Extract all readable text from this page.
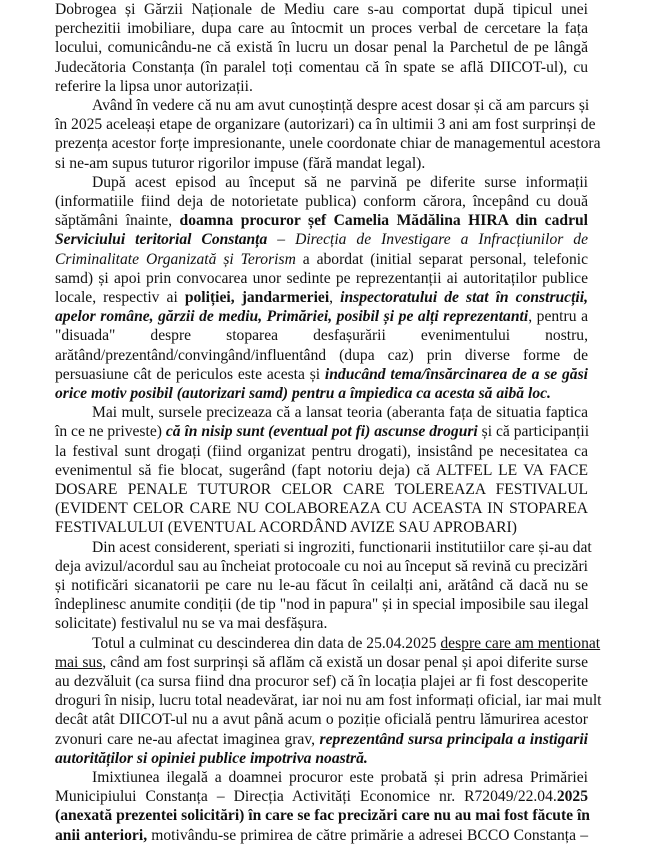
Dobrogea și Gărzii Naționale de Mediu care s-au comportat după tipicul unei
perchezitii imobiliare, dupa care au întocmit un proces verbal de cercetare la fața
locului, comunicându-ne că există în lucru un dosar penal la Parchetul de pe lângă
Judecătoria Constanța (în paralel toți comentau că în spate se află DIICOT-ul), cu
referire la lipsa unor autorizații.
Având în vedere că nu am avut cunoștință despre acest dosar și că am parcurs și
în 2025 aceleași etape de organizare (autorizari) ca în ultimii 3 ani am fost surprinși de
prezența acestor forțe impresionante, unele coordonate chiar de managementul acestora
si ne-am supus tuturor rigorilor impuse (fără mandat legal).
După acest episod au început să ne parvină pe diferite surse informații
(informatiile fiind deja de notorietate publica) conform cărora, începând cu două
săptămâni înainte, doamna procuror șef Camelia Mădălina HIRA din cadrul
Serviciului teritorial Constanța – Direcția de Investigare a Infracțiunilor de
Criminalitate Organizată și Terorism a abordat (initial separat personal, telefonic
samd) și apoi prin convocarea unor sedinte pe reprezentanții ai autoritaților publice
locale, respectiv ai poliției, jandarmeriei, inspectoratului de stat în construcții,
apelor române, gărzii de mediu, Primăriei, posibil și pe alți reprezentanti, pentru a
"disuada" despre stoparea desfașurării evenimentului nostru,
arătând/prezentând/convingând/influentând (dupa caz) prin diverse forme de
persuasiune cât de periculos este acesta și inducând tema/însărcinarea de a se găsi
orice motiv posibil (autorizari samd) pentru a împiedica ca acesta să aibă loc.
Mai mult, sursele precizeaza că a lansat teoria (aberanta fața de situatia faptica
în ce ne priveste) că în nisip sunt (eventual pot fi) ascunse droguri și că participanții
la festival sunt drogați (fiind organizat pentru drogati), insistând pe necesitatea ca
evenimentul să fie blocat, sugerând (fapt notoriu deja) că ALTFEL LE VA FACE
DOSARE PENALE TUTUROR CELOR CARE TOLEREAZA FESTIVALUL
(EVIDENT CELOR CARE NU COLABOREAZA CU ACEASTA IN STOPAREA
FESTIVALULUI (EVENTUAL ACORDÂND AVIZE SAU APROBARI)
Din acest considerent, speriati si ingroziti, functionarii institutiilor care și-au dat
deja avizul/acordul sau au încheiat protocoale cu noi au început să revină cu precizări
și notificări sicanatorii pe care nu le-au făcut în ceilalți ani, arătând că dacă nu se
îndeplinesc anumite condiții (de tip "nod in papura" și in special imposibile sau ilegal
solicitate) festivalul nu se va mai desfășura.
Totul a culminat cu descinderea din data de 25.04.2025 despre care am mentionat
mai sus, când am fost surprinși să aflăm că există un dosar penal și apoi diferite surse
au dezvăluit (ca sursa fiind dna procuror sef) că în locația plajei ar fi fost descoperite
droguri în nisip, lucru total neadevărat, iar noi nu am fost informați oficial, iar mai mult
decât atât DIICOT-ul nu a avut până acum o poziție oficială pentru lămurirea acestor
zvonuri care ne-au afectat imaginea grav, reprezentând sursa principala a instigarii
autorităților si opiniei publice impotriva noastră.
Imixtiunea ilegală a doamnei procuror este probată și prin adresa Primăriei
Municipiului Constanța – Direcția Activități Economice nr. R72049/22.04.2025
(anexată prezentei solicitări) în care se fac precizări care nu au mai fost făcute în
anii anteriori, motivându-se primirea de către primărie a adresei BCCO Constanța –
